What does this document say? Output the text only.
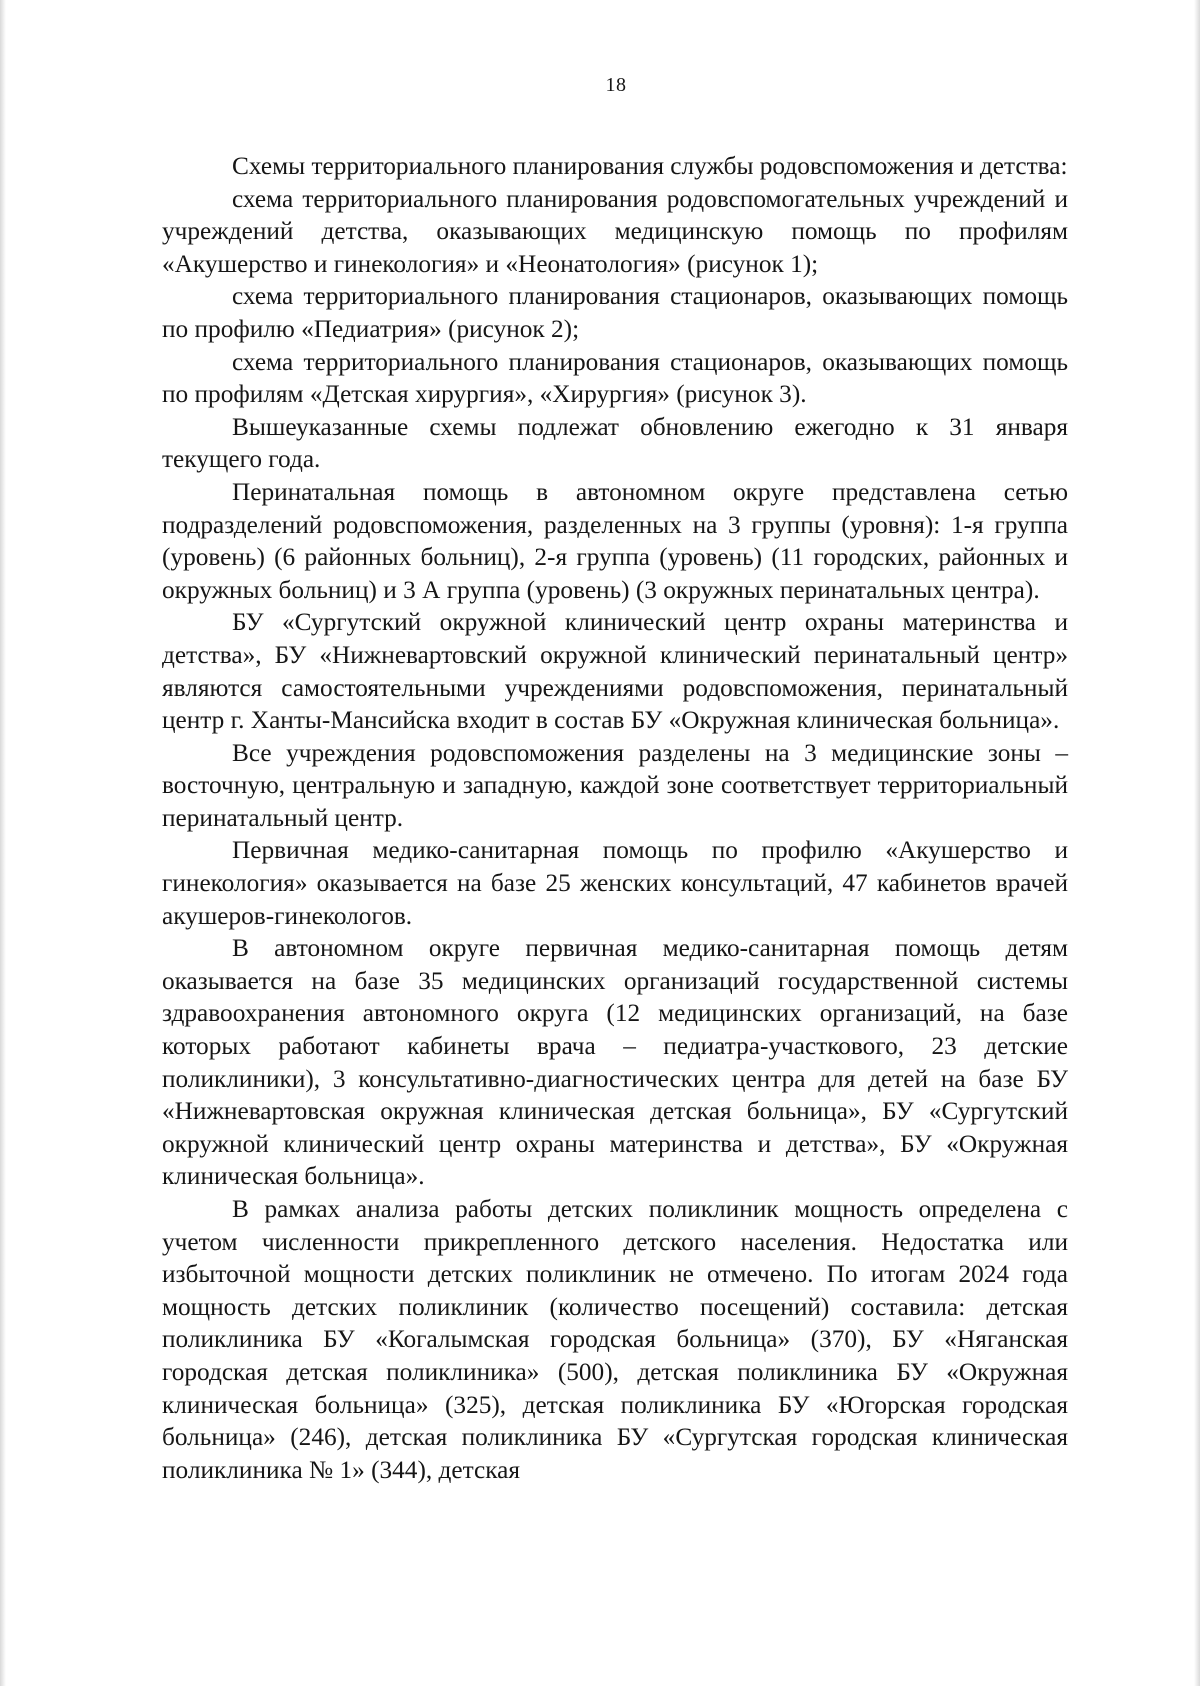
18

Схемы территориального планирования службы родовспоможения и детства:

схема территориального планирования родовспомогательных учреждений и учреждений детства, оказывающих медицинскую помощь по профилям «Акушерство и гинекология» и «Неонатология» (рисунок 1);

схема территориального планирования стационаров, оказывающих помощь по профилю «Педиатрия» (рисунок 2);

схема территориального планирования стационаров, оказывающих помощь по профилям «Детская хирургия», «Хирургия» (рисунок 3).

Вышеуказанные схемы подлежат обновлению ежегодно к 31 января текущего года.

Перинатальная помощь в автономном округе представлена сетью подразделений родовспоможения, разделенных на 3 группы (уровня): 1-я группа (уровень) (6 районных больниц), 2-я группа (уровень) (11 городских, районных и окружных больниц) и 3 А группа (уровень) (3 окружных перинатальных центра).

БУ «Сургутский окружной клинический центр охраны материнства и детства», БУ «Нижневартовский окружной клинический перинатальный центр» являются самостоятельными учреждениями родовспоможения, перинатальный центр г. Ханты-Мансийска входит в состав БУ «Окружная клиническая больница».

Все учреждения родовспоможения разделены на 3 медицинские зоны – восточную, центральную и западную, каждой зоне соответствует территориальный перинатальный центр.

Первичная медико-санитарная помощь по профилю «Акушерство и гинекология» оказывается на базе 25 женских консультаций, 47 кабинетов врачей акушеров-гинекологов.

В автономном округе первичная медико-санитарная помощь детям оказывается на базе 35 медицинских организаций государственной системы здравоохранения автономного округа (12 медицинских организаций, на базе которых работают кабинеты врача – педиатра-участкового, 23 детские поликлиники), 3 консультативно-диагностических центра для детей на базе БУ «Нижневартовская окружная клиническая детская больница», БУ «Сургутский окружной клинический центр охраны материнства и детства», БУ «Окружная клиническая больница».

В рамках анализа работы детских поликлиник мощность определена с учетом численности прикрепленного детского населения. Недостатка или избыточной мощности детских поликлиник не отмечено. По итогам 2024 года мощность детских поликлиник (количество посещений) составила: детская поликлиника БУ «Когалымская городская больница» (370), БУ «Няганская городская детская поликлиника» (500), детская поликлиника БУ «Окружная клиническая больница» (325), детская поликлиника БУ «Югорская городская больница» (246), детская поликлиника БУ «Сургутская городская клиническая поликлиника № 1» (344), детская
